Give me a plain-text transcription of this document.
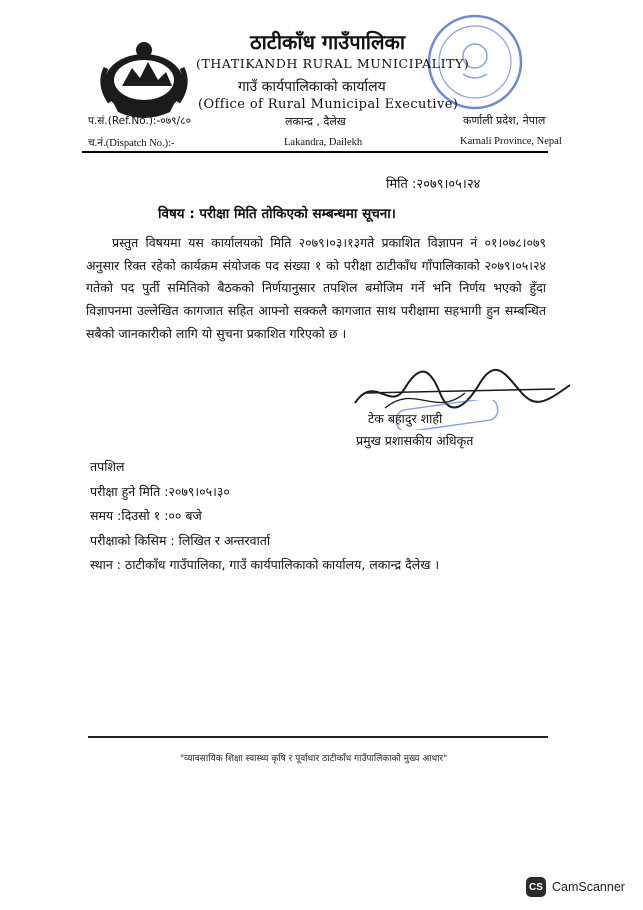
ठाटीकाँध गाउँपालिका
(THATIKANDH RURAL MUNICIPALITY)
गाउँ कार्यपालिकाको कार्यालय
(Office of Rural Municipal Executive)
प.सं.(Ref.No.):-०७९/८०
च.नं.(Dispatch No.):-
लकान्द्र , दैलेख
Lakandra, Dailekh
कर्णाली प्रदेश, नेपाल
Karnali Province, Nepal
मिति :२०७९।०५।२४
विषय : परीक्षा मिति तोकिएको सम्बन्धमा सूचना।
प्रस्तुत विषयमा यस कार्यालयको मिति २०७९।०३।१३गते प्रकाशित विज्ञापन नं ०१।०७८।०७९ अनुसार रिक्त रहेको कार्यक्रम संयोजक पद संख्या १ को परीक्षा ठाटीकाँध गाँपालिकाको २०७९।०५।२४ गतेको पद पुर्ती समितिको बैठकको निर्णयानुसार तपशिल बमोजिम गर्ने भनि निर्णय भएको हुँदा विज्ञापनमा उल्लेखित कागजात सहित आफ्नो सक्कलै कागजात साथ परीक्षामा सहभागी हुन सम्बन्धित सबैको जानकारीको लागि यो सुचना प्रकाशित गरिएको छ ।
टेक बहादुर शाही
प्रमुख प्रशासकीय अधिकृत
तपशिल
परीक्षा हुने मिति :२०७९।०५।३०
समय :दिउसो १ :०० बजे
परीक्षाको किसिम : लिखित र अन्तरवार्ता
स्थान : ठाटीकाँध गाउँपालिका, गाउँ कार्यपालिकाको कार्यालय, लकान्द्र दैलेख ।
"व्यावसायिक शिक्षा स्वास्थ्य कृषि र पूर्वाधार ठाटीकाँध गाउँपालिकाको मुख्य आधार"
CS CamScanner
